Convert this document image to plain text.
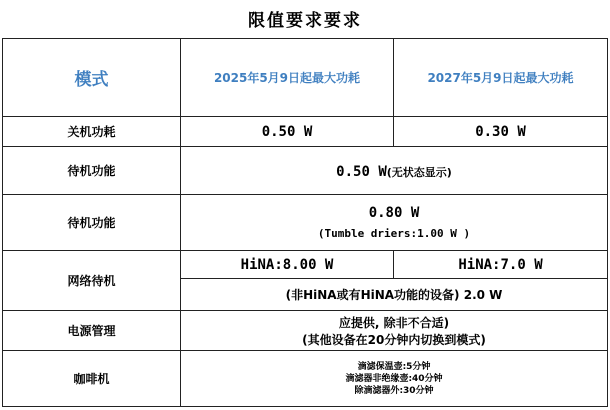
限值要求要求
模式	2025年5月9日起最大功耗	2027年5月9日起最大功耗
关机功耗	0.50 W	0.30 W
待机功能	0.50 W(无状态显示)	
待机功能	0.80 W
(Tumble driers:1.00 W )	

网络待机	HiNA:8.00 W	HiNA:7.0 W
	(非HiNA或有HiNA功能的设备) 2.0 W	
电源管理	应提供, 除非不合适)
(其他设备在20分钟内切换到模式)	

咖啡机	滴滤保温壶:5分钟
滴滤器非绝缘壶:40分钟
除滴滤器外:30分钟	
